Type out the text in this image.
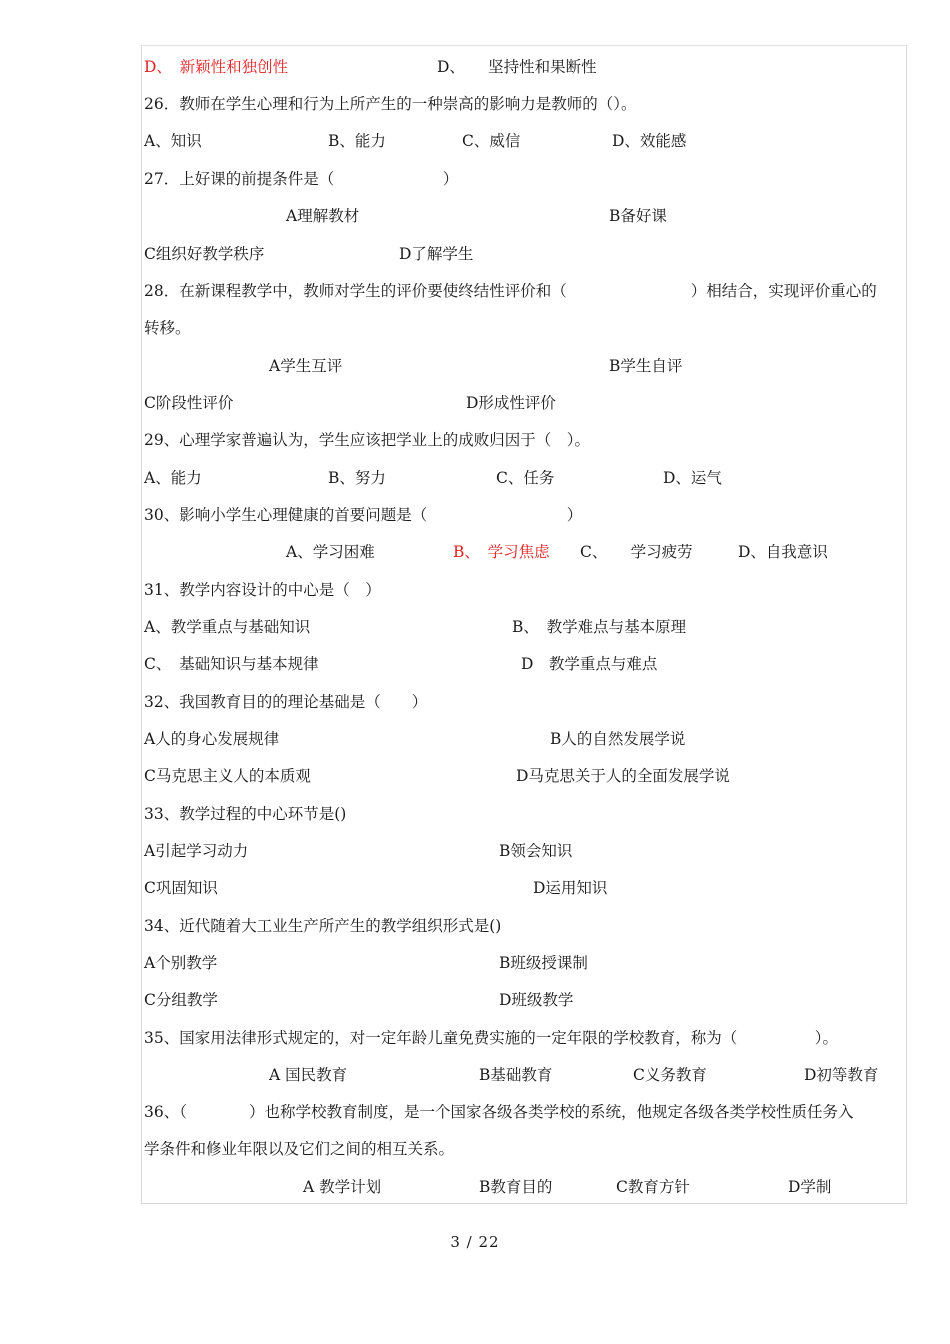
D、　新颖性和独创性	D、　　坚持性和果断性
26．教师在学生心理和行为上所产生的一种崇高的影响力是教师的（）。
A、知识	B、能力	C、威信	D、效能感
27．上好课的前提条件是（　　　　　　　）
A理解教材	B备好课
C组织好教学秩序	D了解学生
28．在新课程教学中，教师对学生的评价要使终结性评价和（　　　　　　　　）相结合，实现评价重心的
转移。
A学生互评	B学生自评
C阶段性评价	D形成性评价
29、心理学家普遍认为，学生应该把学业上的成败归因于（　）。
A、能力	B、努力	C、任务	D、运气
30、影响小学生心理健康的首要问题是（　　　　　　　　　）
A、学习困难	B、　学习焦虑 C、　　学习疲劳	D、自我意识
31、教学内容设计的中心是（　）
A、教学重点与基础知识	B、　教学难点与基本原理
C、　基础知识与基本规律	D　教学重点与难点
32、我国教育目的的理论基础是（　　）
A人的身心发展规律	B人的自然发展学说
C马克思主义人的本质观	D马克思关于人的全面发展学说
33、教学过程的中心环节是()
A引起学习动力	B领会知识
C巩固知识	D运用知识
34、近代随着大工业生产所产生的教学组织形式是()
A个别教学	B班级授课制
C分组教学	D班级教学
35、国家用法律形式规定的，对一定年龄儿童免费实施的一定年限的学校教育，称为（　　　　　）。
A 国民教育	B基础教育	C义务教育	D初等教育
36、（　　　　）也称学校教育制度，是一个国家各级各类学校的系统，他规定各级各类学校性质任务入
学条件和修业年限以及它们之间的相互关系。
A 教学计划	B教育目的	C教育方针	D学制
3 / 22
